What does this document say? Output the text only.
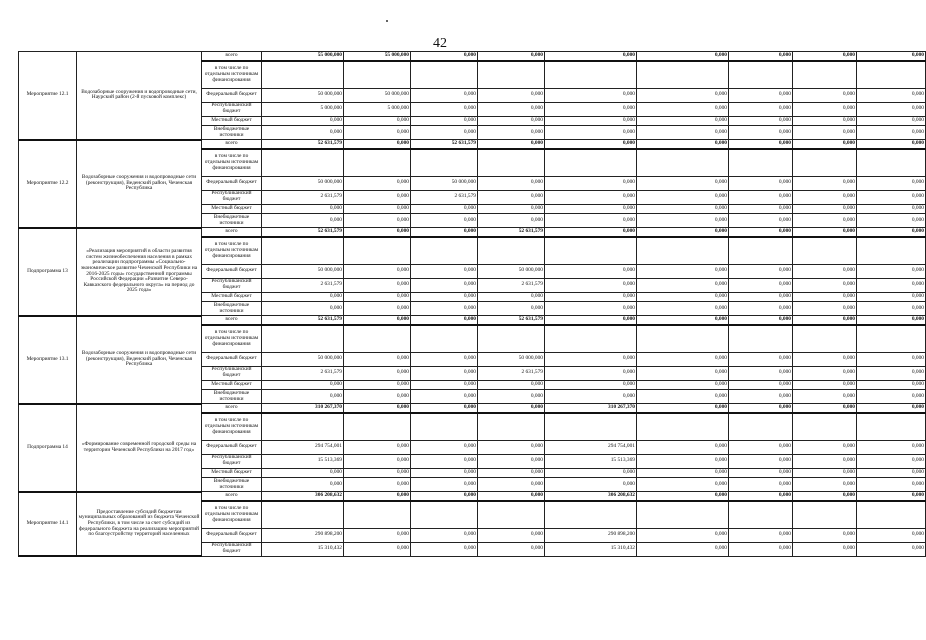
42
Мероприятие 12.1	Водозаборные сооружения и водопроводные сети, Наурский район (2-й пусковой комплекс)	всего	55 000,000	55 000,000	0,000	0,000	0,000	0,000	0,000	0,000	0,000
		в том числе по отдельным источникам финансирования									
		Федеральный бюджет	50 000,000	50 000,000	0,000	0,000	0,000	0,000	0,000	0,000	0,000
		Республиканский бюджет	5 000,000	5 000,000	0,000	0,000	0,000	0,000	0,000	0,000	0,000
		Местный бюджет	0,000	0,000	0,000	0,000	0,000	0,000	0,000	0,000	0,000
		Внебюджетные источники	0,000	0,000	0,000	0,000	0,000	0,000	0,000	0,000	0,000
Мероприятие 12.2	Водозаборные сооружения и водопроводные сети (реконструкция), Веденский район, Чеченская Республика	всего	52 631,579	0,000	52 631,579	0,000	0,000	0,000	0,000	0,000	0,000
		в том числе по отдельным источникам финансирования									
		Федеральный бюджет	50 000,000	0,000	50 000,000	0,000	0,000	0,000	0,000	0,000	0,000
		Республиканский бюджет	2 631,579	0,000	2 631,579	0,000	0,000	0,000	0,000	0,000	0,000
		Местный бюджет	0,000	0,000	0,000	0,000	0,000	0,000	0,000	0,000	0,000
		Внебюджетные источники	0,000	0,000	0,000	0,000	0,000	0,000	0,000	0,000	0,000
Подпрограмма 13	«Реализация мероприятий в области развития систем жизнеобеспечения населения в рамках реализации подпрограммы «Социально-экономическое развитие Чеченской Республики на 2016-2025 годы» государственной программы Российской Федерации «Развитие Северо-Кавказского федерального округа» на период до 2025 года»	всего	52 631,579	0,000	0,000	52 631,579	0,000	0,000	0,000	0,000	0,000
		в том числе по отдельным источникам финансирования									
		Федеральный бюджет	50 000,000	0,000	0,000	50 000,000	0,000	0,000	0,000	0,000	0,000
		Республиканский бюджет	2 631,579	0,000	0,000	2 631,579	0,000	0,000	0,000	0,000	0,000
		Местный бюджет	0,000	0,000	0,000	0,000	0,000	0,000	0,000	0,000	0,000
		Внебюджетные источники	0,000	0,000	0,000	0,000	0,000	0,000	0,000	0,000	0,000
Мероприятие 13.1	Водозаборные сооружения и водопроводные сети (реконструкция), Веденский район, Чеченская Республика	всего	52 631,579	0,000	0,000	52 631,579	0,000	0,000	0,000	0,000	0,000
		в том числе по отдельным источникам финансирования									
		Федеральный бюджет	50 000,000	0,000	0,000	50 000,000	0,000	0,000	0,000	0,000	0,000
		Республиканский бюджет	2 631,579	0,000	0,000	2 631,579	0,000	0,000	0,000	0,000	0,000
		Местный бюджет	0,000	0,000	0,000	0,000	0,000	0,000	0,000	0,000	0,000
		Внебюджетные источники	0,000	0,000	0,000	0,000	0,000	0,000	0,000	0,000	0,000
Подпрограмма 14	«Формирование современной городской среды на территории Чеченской Республики на 2017 год»	всего	310 267,370	0,000	0,000	0,000	310 267,370	0,000	0,000	0,000	0,000
		в том числе по отдельным источникам финансирования									
		Федеральный бюджет	294 754,001	0,000	0,000	0,000	294 754,001	0,000	0,000	0,000	0,000
		Республиканский бюджет	15 513,369	0,000	0,000	0,000	15 513,369	0,000	0,000	0,000	0,000
		Местный бюджет	0,000	0,000	0,000	0,000	0,000	0,000	0,000	0,000	0,000
		Внебюджетные источники	0,000	0,000	0,000	0,000	0,000	0,000	0,000	0,000	0,000
Мероприятие 14.1	Предоставление субсидий бюджетам муниципальных образований из бюджета Чеченской Республики, в том числе за счет субсидий из федерального бюджета на реализацию мероприятий по благоустройству территорий населенных	всего	306 208,632	0,000	0,000	0,000	306 208,632	0,000	0,000	0,000	0,000
		в том числе по отдельным источникам финансирования									
		Федеральный бюджет	290 898,200	0,000	0,000	0,000	290 898,200	0,000	0,000	0,000	0,000
		Республиканский бюджет	15 310,432	0,000	0,000	0,000	15 310,432	0,000	0,000	0,000	0,000
